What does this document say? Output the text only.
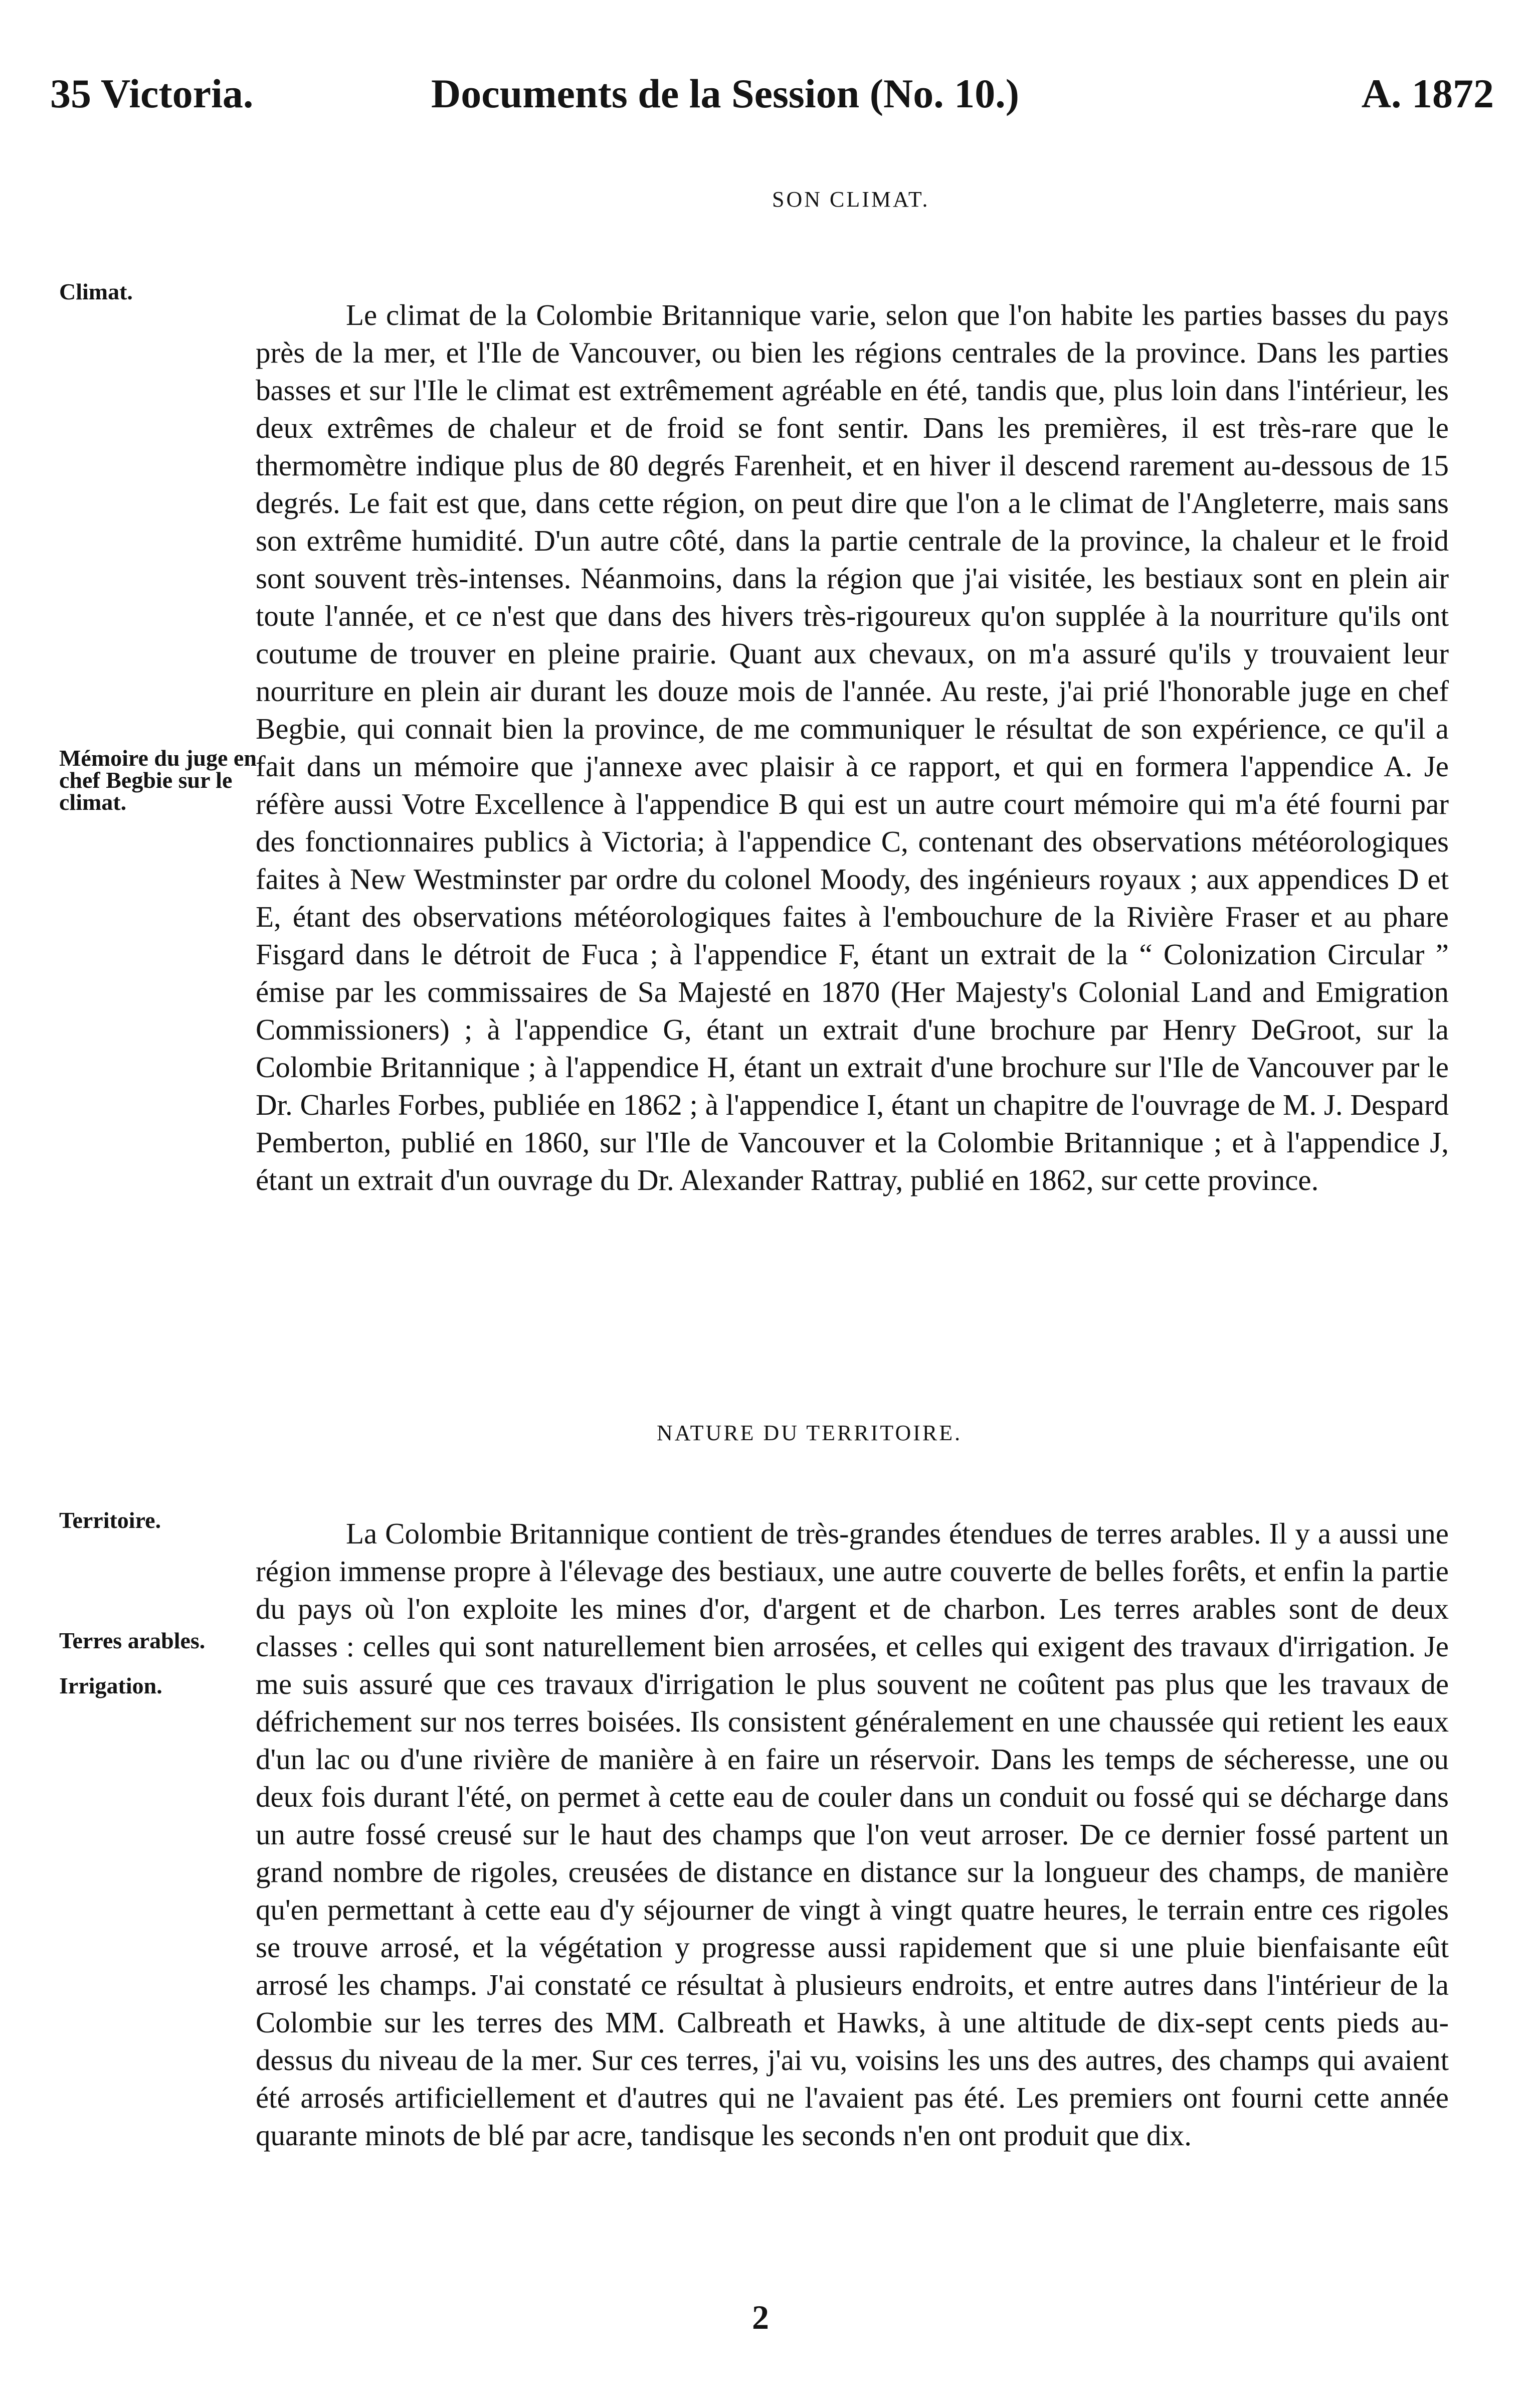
35 Victoria.	Documents de la Session (No. 10.)	A. 1872
SON CLIMAT.
Climat.
Mémoire du juge en chef Begbie sur le climat.

Le climat de la Colombie Britannique varie, selon que l'on habite les parties basses du pays près de la mer, et l'Ile de Vancouver, ou bien les régions centrales de la province. Dans les parties basses et sur l'Ile le climat est extrêmement agréable en été, tandis que, plus loin dans l'intérieur, les deux extrêmes de chaleur et de froid se font sentir. Dans les premières, il est très-rare que le thermomètre indique plus de 80 degrés Farenheit, et en hiver il descend rarement au-dessous de 15 degrés. Le fait est que, dans cette région, on peut dire que l'on a le climat de l'Angleterre, mais sans son extrême humidité. D'un autre côté, dans la partie centrale de la province, la chaleur et le froid sont souvent très-intenses. Néanmoins, dans la région que j'ai visitée, les bestiaux sont en plein air toute l'année, et ce n'est que dans des hivers très-rigoureux qu'on supplée à la nourriture qu'ils ont coutume de trouver en pleine prairie. Quant aux chevaux, on m'a assuré qu'ils y trouvaient leur nourriture en plein air durant les douze mois de l'année. Au reste, j'ai prié l'honorable juge en chef Begbie, qui connait bien la province, de me communiquer le résultat de son expérience, ce qu'il a fait dans un mémoire que j'annexe avec plaisir à ce rapport, et qui en formera l'appendice A. Je réfère aussi Votre Excellence à l'appendice B qui est un autre court mémoire qui m'a été fourni par des fonctionnaires publics à Victoria; à l'appendice C, contenant des observations météorologiques faites à New Westminster par ordre du colonel Moody, des ingénieurs royaux ; aux appendices D et E, étant des observations météorologiques faites à l'embouchure de la Rivière Fraser et au phare Fisgard dans le détroit de Fuca ; à l'appendice F, étant un extrait de la “ Colonization Circular ” émise par les commissaires de Sa Majesté en 1870 (Her Majesty's Colonial Land and Emigration Commissioners) ; à l'appendice G, étant un extrait d'une brochure par Henry DeGroot, sur la Colombie Britannique ; à l'appendice H, étant un extrait d'une brochure sur l'Ile de Vancouver par le Dr. Charles Forbes, publiée en 1862 ; à l'appendice I, étant un chapitre de l'ouvrage de M. J. Despard Pemberton, publié en 1860, sur l'Ile de Vancouver et la Colombie Britannique ; et à l'appendice J, étant un extrait d'un ouvrage du Dr. Alexander Rattray, publié en 1862, sur cette province.

NATURE DU TERRITOIRE.
Territoire.
Terres arables.
Irrigation.

La Colombie Britannique contient de très-grandes étendues de terres arables. Il y a aussi une région immense propre à l'élevage des bestiaux, une autre couverte de belles forêts, et enfin la partie du pays où l'on exploite les mines d'or, d'argent et de charbon. Les terres arables sont de deux classes : celles qui sont naturellement bien arrosées, et celles qui exigent des travaux d'irrigation. Je me suis assuré que ces travaux d'irrigation le plus souvent ne coûtent pas plus que les travaux de défrichement sur nos terres boisées. Ils consistent généralement en une chaussée qui retient les eaux d'un lac ou d'une rivière de manière à en faire un réservoir. Dans les temps de sécheresse, une ou deux fois durant l'été, on permet à cette eau de couler dans un conduit ou fossé qui se décharge dans un autre fossé creusé sur le haut des champs que l'on veut arroser. De ce dernier fossé partent un grand nombre de rigoles, creusées de distance en distance sur la longueur des champs, de manière qu'en permettant à cette eau d'y séjourner de vingt à vingt quatre heures, le terrain entre ces rigoles se trouve arrosé, et la végétation y progresse aussi rapidement que si une pluie bienfaisante eût arrosé les champs. J'ai constaté ce résultat à plusieurs endroits, et entre autres dans l'intérieur de la Colombie sur les terres des MM. Calbreath et Hawks, à une altitude de dix-sept cents pieds au-dessus du niveau de la mer. Sur ces terres, j'ai vu, voisins les uns des autres, des champs qui avaient été arrosés artificiellement et d'autres qui ne l'avaient pas été. Les premiers ont fourni cette année quarante minots de blé par acre, tandisque les seconds n'en ont produit que dix.

2
